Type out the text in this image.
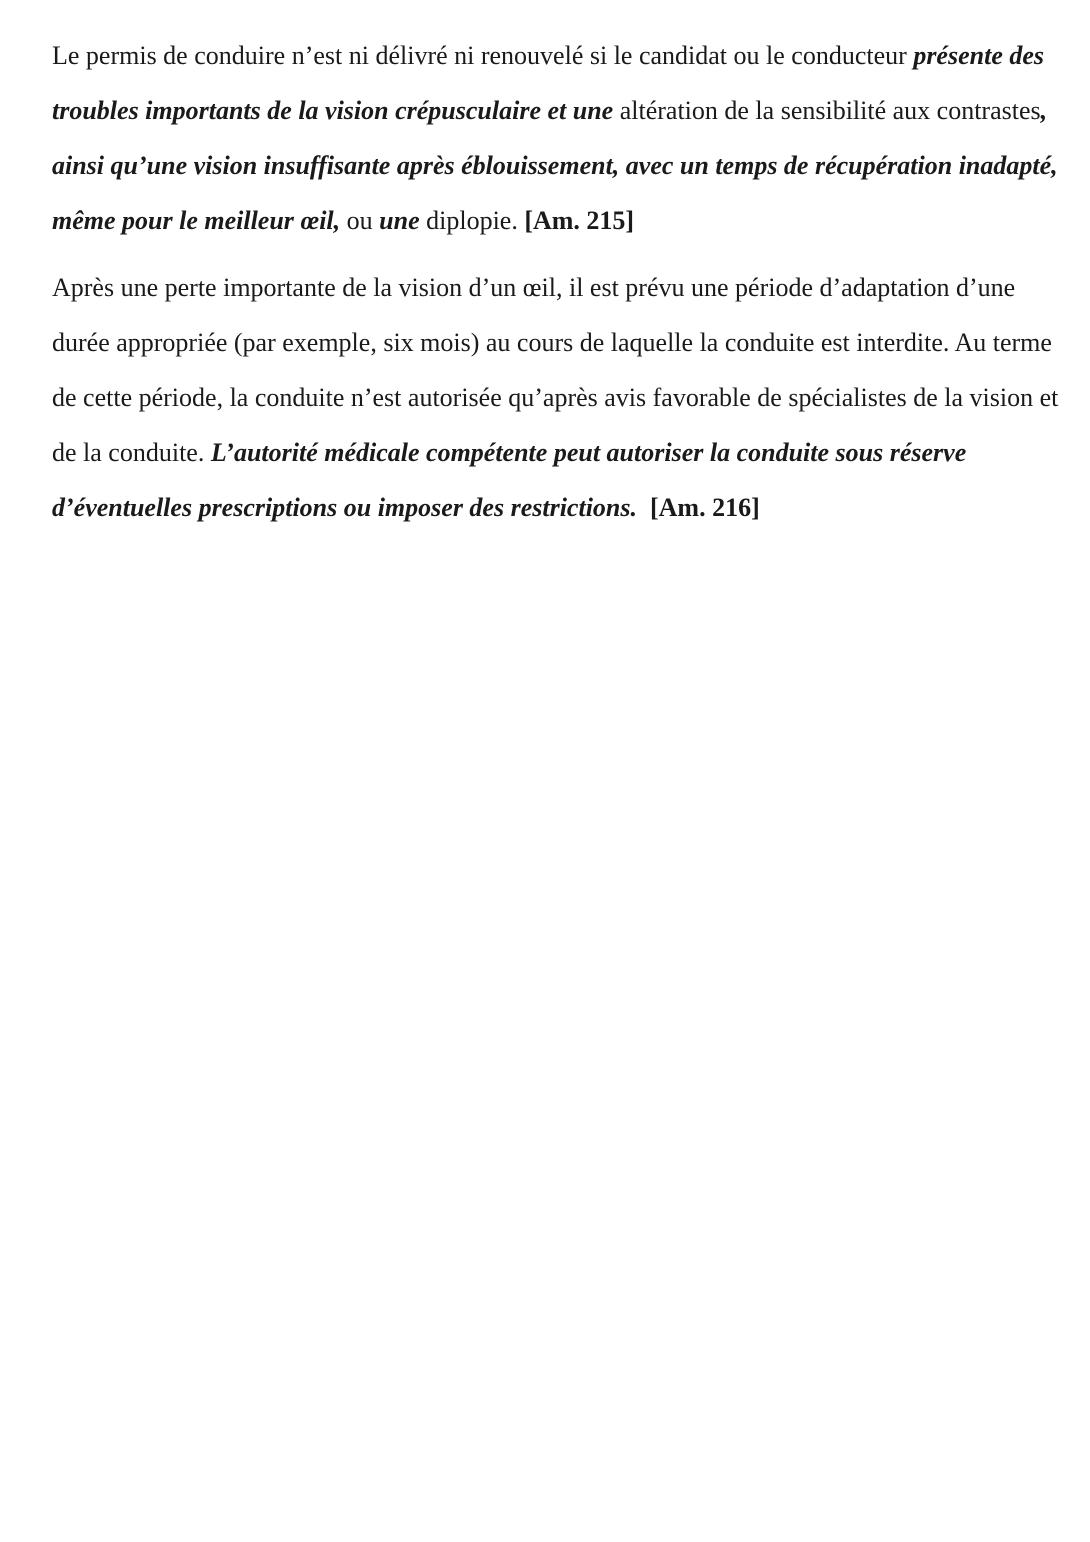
Le permis de conduire n’est ni délivré ni renouvelé si le candidat ou le conducteur présente des troubles importants de la vision crépusculaire et une altération de la sensibilité aux contrastes, ainsi qu’une vision insuffisante après éblouissement, avec un temps de récupération inadapté, même pour le meilleur œil, ou une diplopie. [Am. 215]

Après une perte importante de la vision d’un œil, il est prévu une période d’adaptation d’une durée appropriée (par exemple, six mois) au cours de laquelle la conduite est interdite. Au terme de cette période, la conduite n’est autorisée qu’après avis favorable de spécialistes de la vision et de la conduite. L’autorité médicale compétente peut autoriser la conduite sous réserve d’éventuelles prescriptions ou imposer des restrictions. [Am. 216]
